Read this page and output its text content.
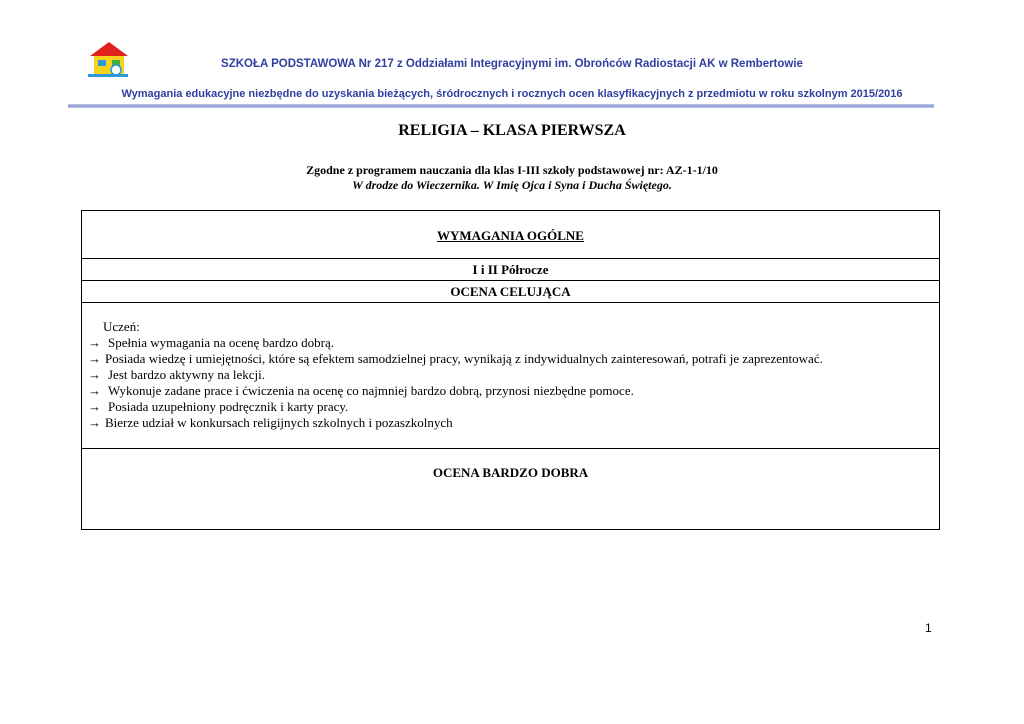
SZKOŁA PODSTAWOWA Nr 217 z Oddziałami Integracyjnymi im. Obrońców Radiostacji AK w Rembertowie
Wymagania edukacyjne niezbędne do uzyskania bieżących, śródrocznych i rocznych ocen klasyfikacyjnych z przedmiotu w roku szkolnym 2015/2016
RELIGIA – KLASA PIERWSZA
Zgodne z programem nauczania dla klas I-III szkoły podstawowej nr: AZ-1-1/10
W drodze do Wieczernika. W Imię Ojca i Syna i Ducha Świętego.
WYMAGANIA OGÓLNE
I i II Półrocze
OCENA CELUJĄCA
Uczeń:
→ Spełnia wymagania na ocenę bardzo dobrą.
→ Posiada wiedzę i umiejętności, które są efektem samodzielnej pracy, wynikają z indywidualnych zainteresowań, potrafi je zaprezentować.
→ Jest bardzo aktywny na lekcji.
→ Wykonuje zadane prace i ćwiczenia na ocenę co najmniej bardzo dobrą, przynosi niezbędne pomoce.
→ Posiada uzupełniony podręcznik i karty pracy.
→ Bierze udział w konkursach religijnych szkolnych i pozaszkolnych
OCENA BARDZO DOBRA
1
